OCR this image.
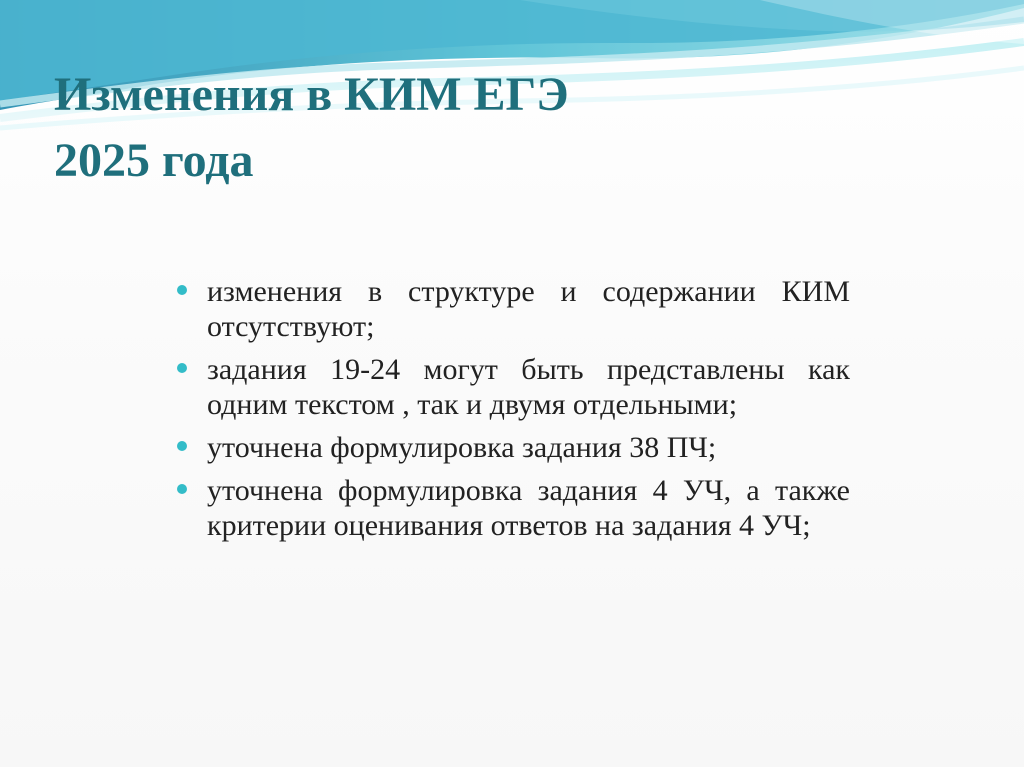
Изменения в КИМ ЕГЭ
2025 года
изменения в структуре и содержании КИМ отсутствуют;
задания 19-24 могут быть представлены как одним текстом , так и двумя отдельными;
уточнена формулировка задания 38 ПЧ;
уточнена формулировка задания 4 УЧ, а также критерии оценивания ответов на задания 4 УЧ;
